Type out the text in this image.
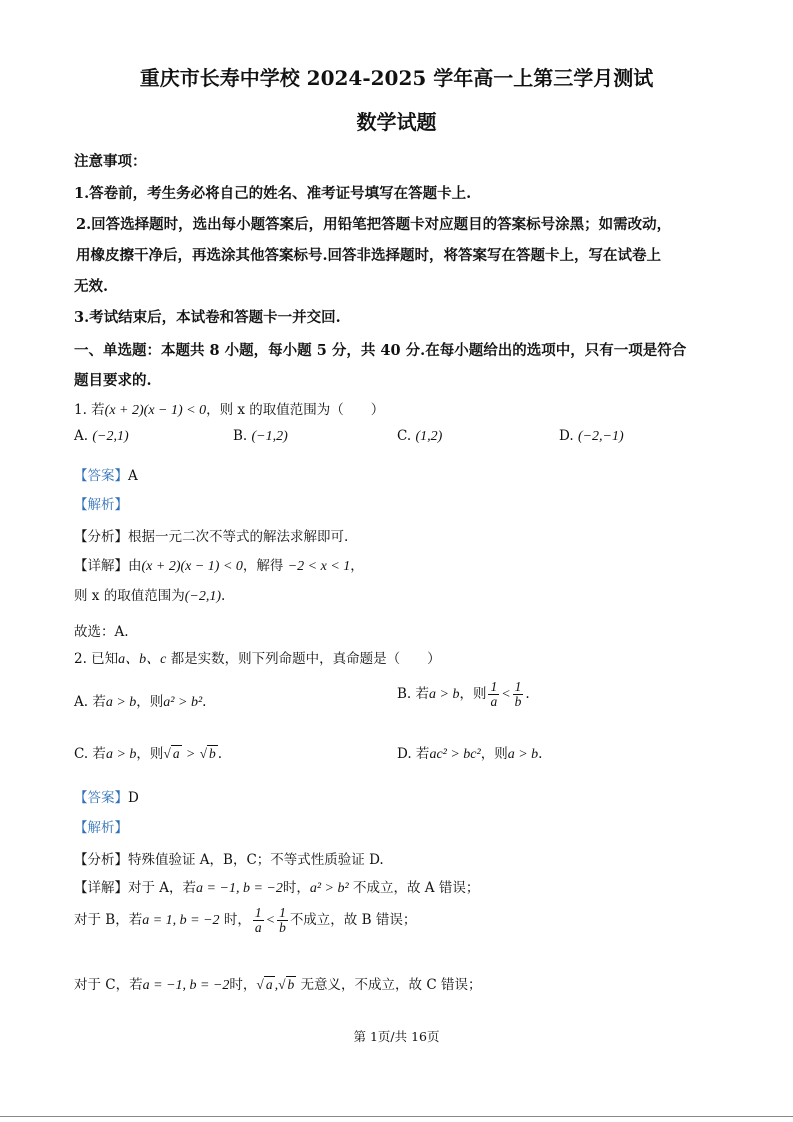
重庆市长寿中学校 2024-2025 学年高一上第三学月测试
数学试题
注意事项：
1.答卷前，考生务必将自己的姓名、准考证号填写在答题卡上.
2.回答选择题时，选出每小题答案后，用铅笔把答题卡对应题目的答案标号涂黑；如需改动，
用橡皮擦干净后，再选涂其他答案标号.回答非选择题时，将答案写在答题卡上，写在试卷上
无效.
3.考试结束后，本试卷和答题卡一并交回.
一、单选题：本题共 8 小题，每小题 5 分，共 40 分.在每小题给出的选项中，只有一项是符合
题目要求的.
1. 若(x + 2)(x − 1) < 0，则 x 的取值范围为（　　）
A. (−2,1)	B. (−1,2)	C. (1,2)	D. (−2,−1)
【答案】A
【解析】
【分析】根据一元二次不等式的解法求解即可.
【详解】由(x + 2)(x − 1) < 0，解得 −2 < x < 1，
则 x 的取值范围为(−2,1).
故选：A.
2. 已知a、b、c 都是实数，则下列命题中，真命题是（　　）
A. 若a > b，则a² > b².	B. 若a > b，则 $\frac{1}{a} < \frac{1}{b}$ .
C. 若a > b，则√ a > √ b .	D. 若ac² > bc²，则a > b.
【答案】D
【解析】
【分析】特殊值验证 A，B，C；不等式性质验证 D.
【详解】对于 A，若a = −1, b = −2时，a² > b² 不成立，故 A 错误；
对于 B，若a = 1, b = −2 时， $\frac{1}{a} < \frac{1}{b}$ 不成立，故 B 错误；
对于 C，若a = −1, b = −2时，√ a ,√ b 无意义，不成立，故 C 错误；
第 1页/共 16页
